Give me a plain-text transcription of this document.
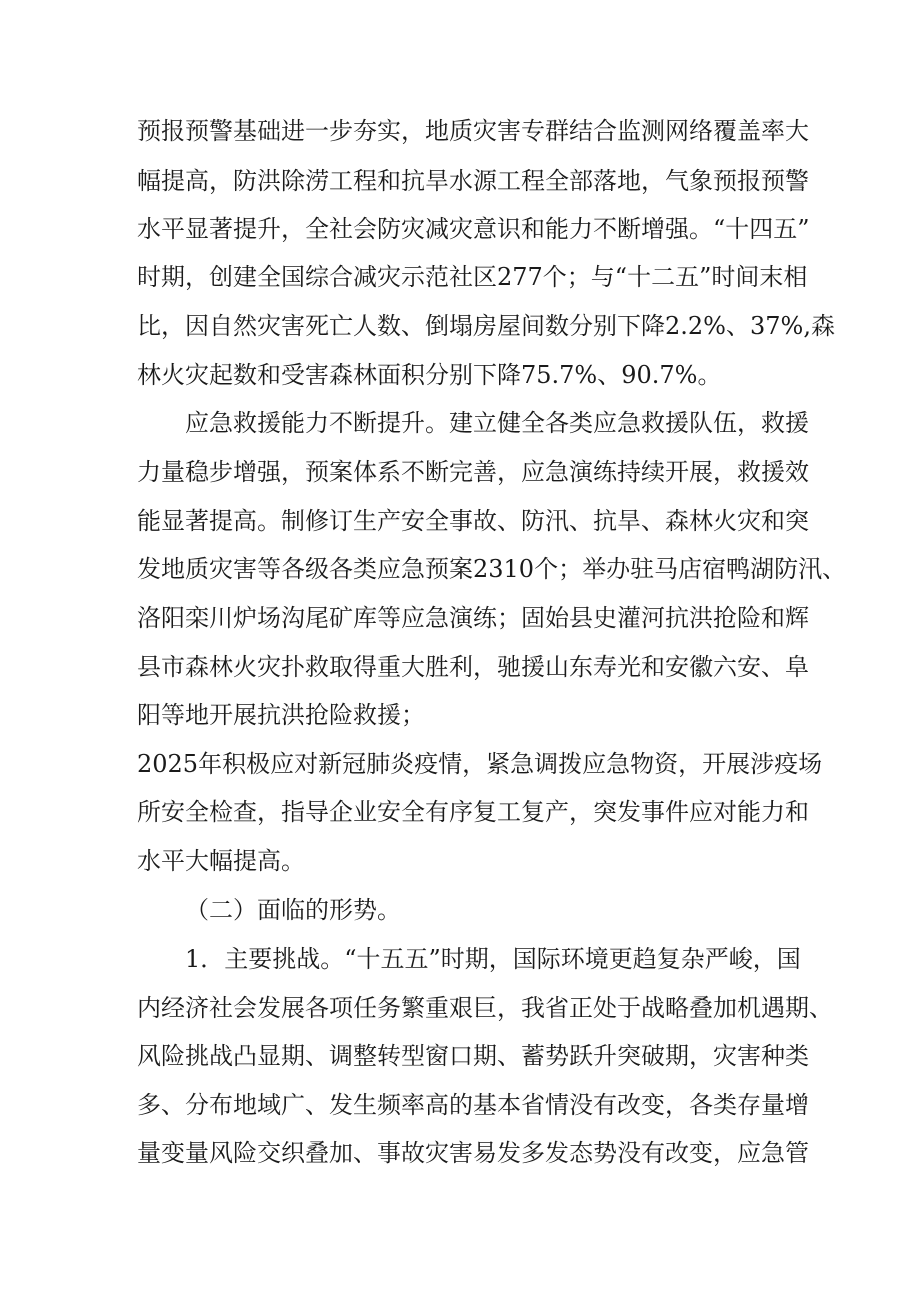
预报预警基础进一步夯实，地质灾害专群结合监测网络覆盖率大
幅提高，防洪除涝工程和抗旱水源工程全部落地，气象预报预警
水平显著提升，全社会防灾减灾意识和能力不断增强。“十四五”
时期，创建全国综合减灾示范社区277个；与“十二五”时间末相
比，因自然灾害死亡人数、倒塌房屋间数分别下降2.2%、37%,森
林火灾起数和受害森林面积分别下降75.7%、90.7%。
应急救援能力不断提升。建立健全各类应急救援队伍，救援
力量稳步增强，预案体系不断完善，应急演练持续开展，救援效
能显著提高。制修订生产安全事故、防汛、抗旱、森林火灾和突
发地质灾害等各级各类应急预案2310个；举办驻马店宿鸭湖防汛、
洛阳栾川炉场沟尾矿库等应急演练；固始县史灌河抗洪抢险和辉
县市森林火灾扑救取得重大胜利，驰援山东寿光和安徽六安、阜
阳等地开展抗洪抢险救援；
2025年积极应对新冠肺炎疫情，紧急调拨应急物资，开展涉疫场
所安全检查，指导企业安全有序复工复产，突发事件应对能力和
水平大幅提高。
（二）面临的形势。
1．主要挑战。“十五五”时期，国际环境更趋复杂严峻，国
内经济社会发展各项任务繁重艰巨，我省正处于战略叠加机遇期、
风险挑战凸显期、调整转型窗口期、蓄势跃升突破期，灾害种类
多、分布地域广、发生频率高的基本省情没有改变，各类存量增
量变量风险交织叠加、事故灾害易发多发态势没有改变，应急管
